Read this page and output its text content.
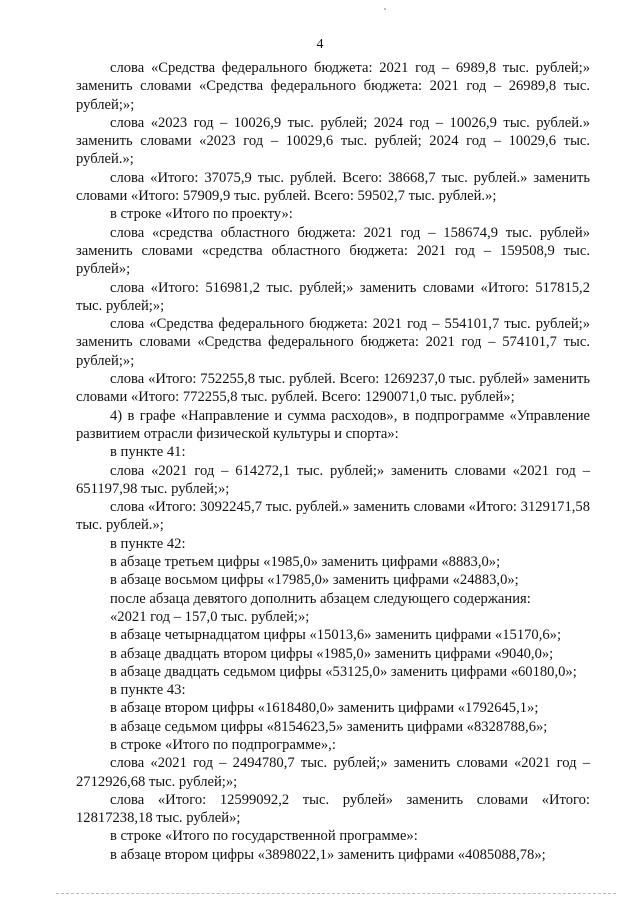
4

слова «Средства федерального бюджета: 2021 год – 6989,8 тыс. рублей;» заменить словами «Средства федерального бюджета: 2021 год – 26989,8 тыс. рублей;»;

слова «2023 год – 10026,9 тыс. рублей; 2024 год – 10026,9 тыс. рублей.» заменить словами «2023 год – 10029,6 тыс. рублей; 2024 год – 10029,6 тыс. рублей.»;

слова «Итого: 37075,9 тыс. рублей. Всего: 38668,7 тыс. рублей.» заменить словами «Итого: 57909,9 тыс. рублей. Всего: 59502,7 тыс. рублей.»;

в строке «Итого по проекту»:

слова «средства областного бюджета: 2021 год – 158674,9 тыс. рублей» заменить словами «средства областного бюджета: 2021 год – 159508,9 тыс. рублей»;

слова «Итого: 516981,2 тыс. рублей;» заменить словами «Итого: 517815,2 тыс. рублей;»;

слова «Средства федерального бюджета: 2021 год – 554101,7 тыс. рублей;» заменить словами «Средства федерального бюджета: 2021 год – 574101,7 тыс. рублей;»;

слова «Итого: 752255,8 тыс. рублей. Всего: 1269237,0 тыс. рублей» заменить словами «Итого: 772255,8 тыс. рублей. Всего: 1290071,0 тыс. рублей»;

4) в графе «Направление и сумма расходов», в подпрограмме «Управление развитием отрасли физической культуры и спорта»:

в пункте 41:

слова «2021 год – 614272,1 тыс. рублей;» заменить словами «2021 год – 651197,98 тыс. рублей;»;

слова «Итого: 3092245,7 тыс. рублей.» заменить словами «Итого: 3129171,58 тыс. рублей.»;

в пункте 42:

в абзаце третьем цифры «1985,0» заменить цифрами «8883,0»;

в абзаце восьмом цифры «17985,0» заменить цифрами «24883,0»;

после абзаца девятого дополнить абзацем следующего содержания:

«2021 год – 157,0 тыс. рублей;»;

в абзаце четырнадцатом цифры «15013,6» заменить цифрами «15170,6»;

в абзаце двадцать втором цифры «1985,0» заменить цифрами «9040,0»;

в абзаце двадцать седьмом цифры «53125,0» заменить цифрами «60180,0»;

в пункте 43:

в абзаце втором цифры «1618480,0» заменить цифрами «1792645,1»;

в абзаце седьмом цифры «8154623,5» заменить цифрами «8328788,6»;

в строке «Итого по подпрограмме»,:

слова «2021 год – 2494780,7 тыс. рублей;» заменить словами «2021 год – 2712926,68 тыс. рублей;»;

слова «Итого: 12599092,2 тыс. рублей» заменить словами «Итого: 12817238,18 тыс. рублей»;

в строке «Итого по государственной программе»:

в абзаце втором цифры «3898022,1» заменить цифрами «4085088,78»;
